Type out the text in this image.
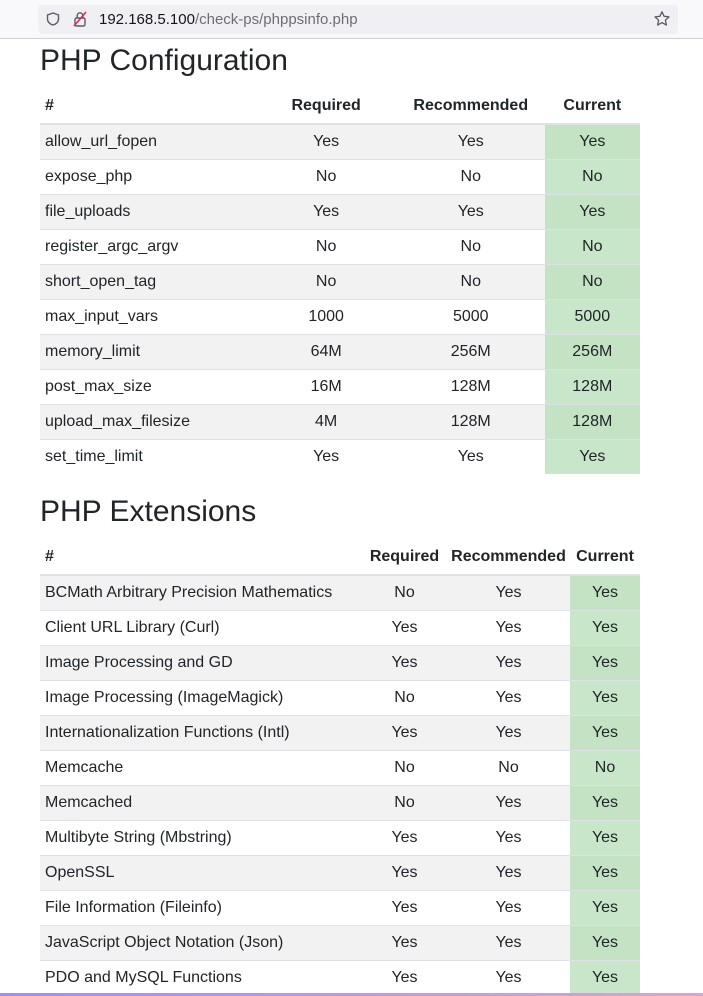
192.168.5.100/check-ps/phppsinfo.php
PHP Configuration
#	Required	Recommended	Current
allow_url_fopen	Yes	Yes	Yes
expose_php	No	No	No
file_uploads	Yes	Yes	Yes
register_argc_argv	No	No	No
short_open_tag	No	No	No
max_input_vars	1000	5000	5000
memory_limit	64M	256M	256M
post_max_size	16M	128M	128M
upload_max_filesize	4M	128M	128M
set_time_limit	Yes	Yes	Yes
PHP Extensions
#	Required	Recommended	Current
BCMath Arbitrary Precision Mathematics	No	Yes	Yes
Client URL Library (Curl)	Yes	Yes	Yes
Image Processing and GD	Yes	Yes	Yes
Image Processing (ImageMagick)	No	Yes	Yes
Internationalization Functions (Intl)	Yes	Yes	Yes
Memcache	No	No	No
Memcached	No	Yes	Yes
Multibyte String (Mbstring)	Yes	Yes	Yes
OpenSSL	Yes	Yes	Yes
File Information (Fileinfo)	Yes	Yes	Yes
JavaScript Object Notation (Json)	Yes	Yes	Yes
PDO and MySQL Functions	Yes	Yes	Yes
